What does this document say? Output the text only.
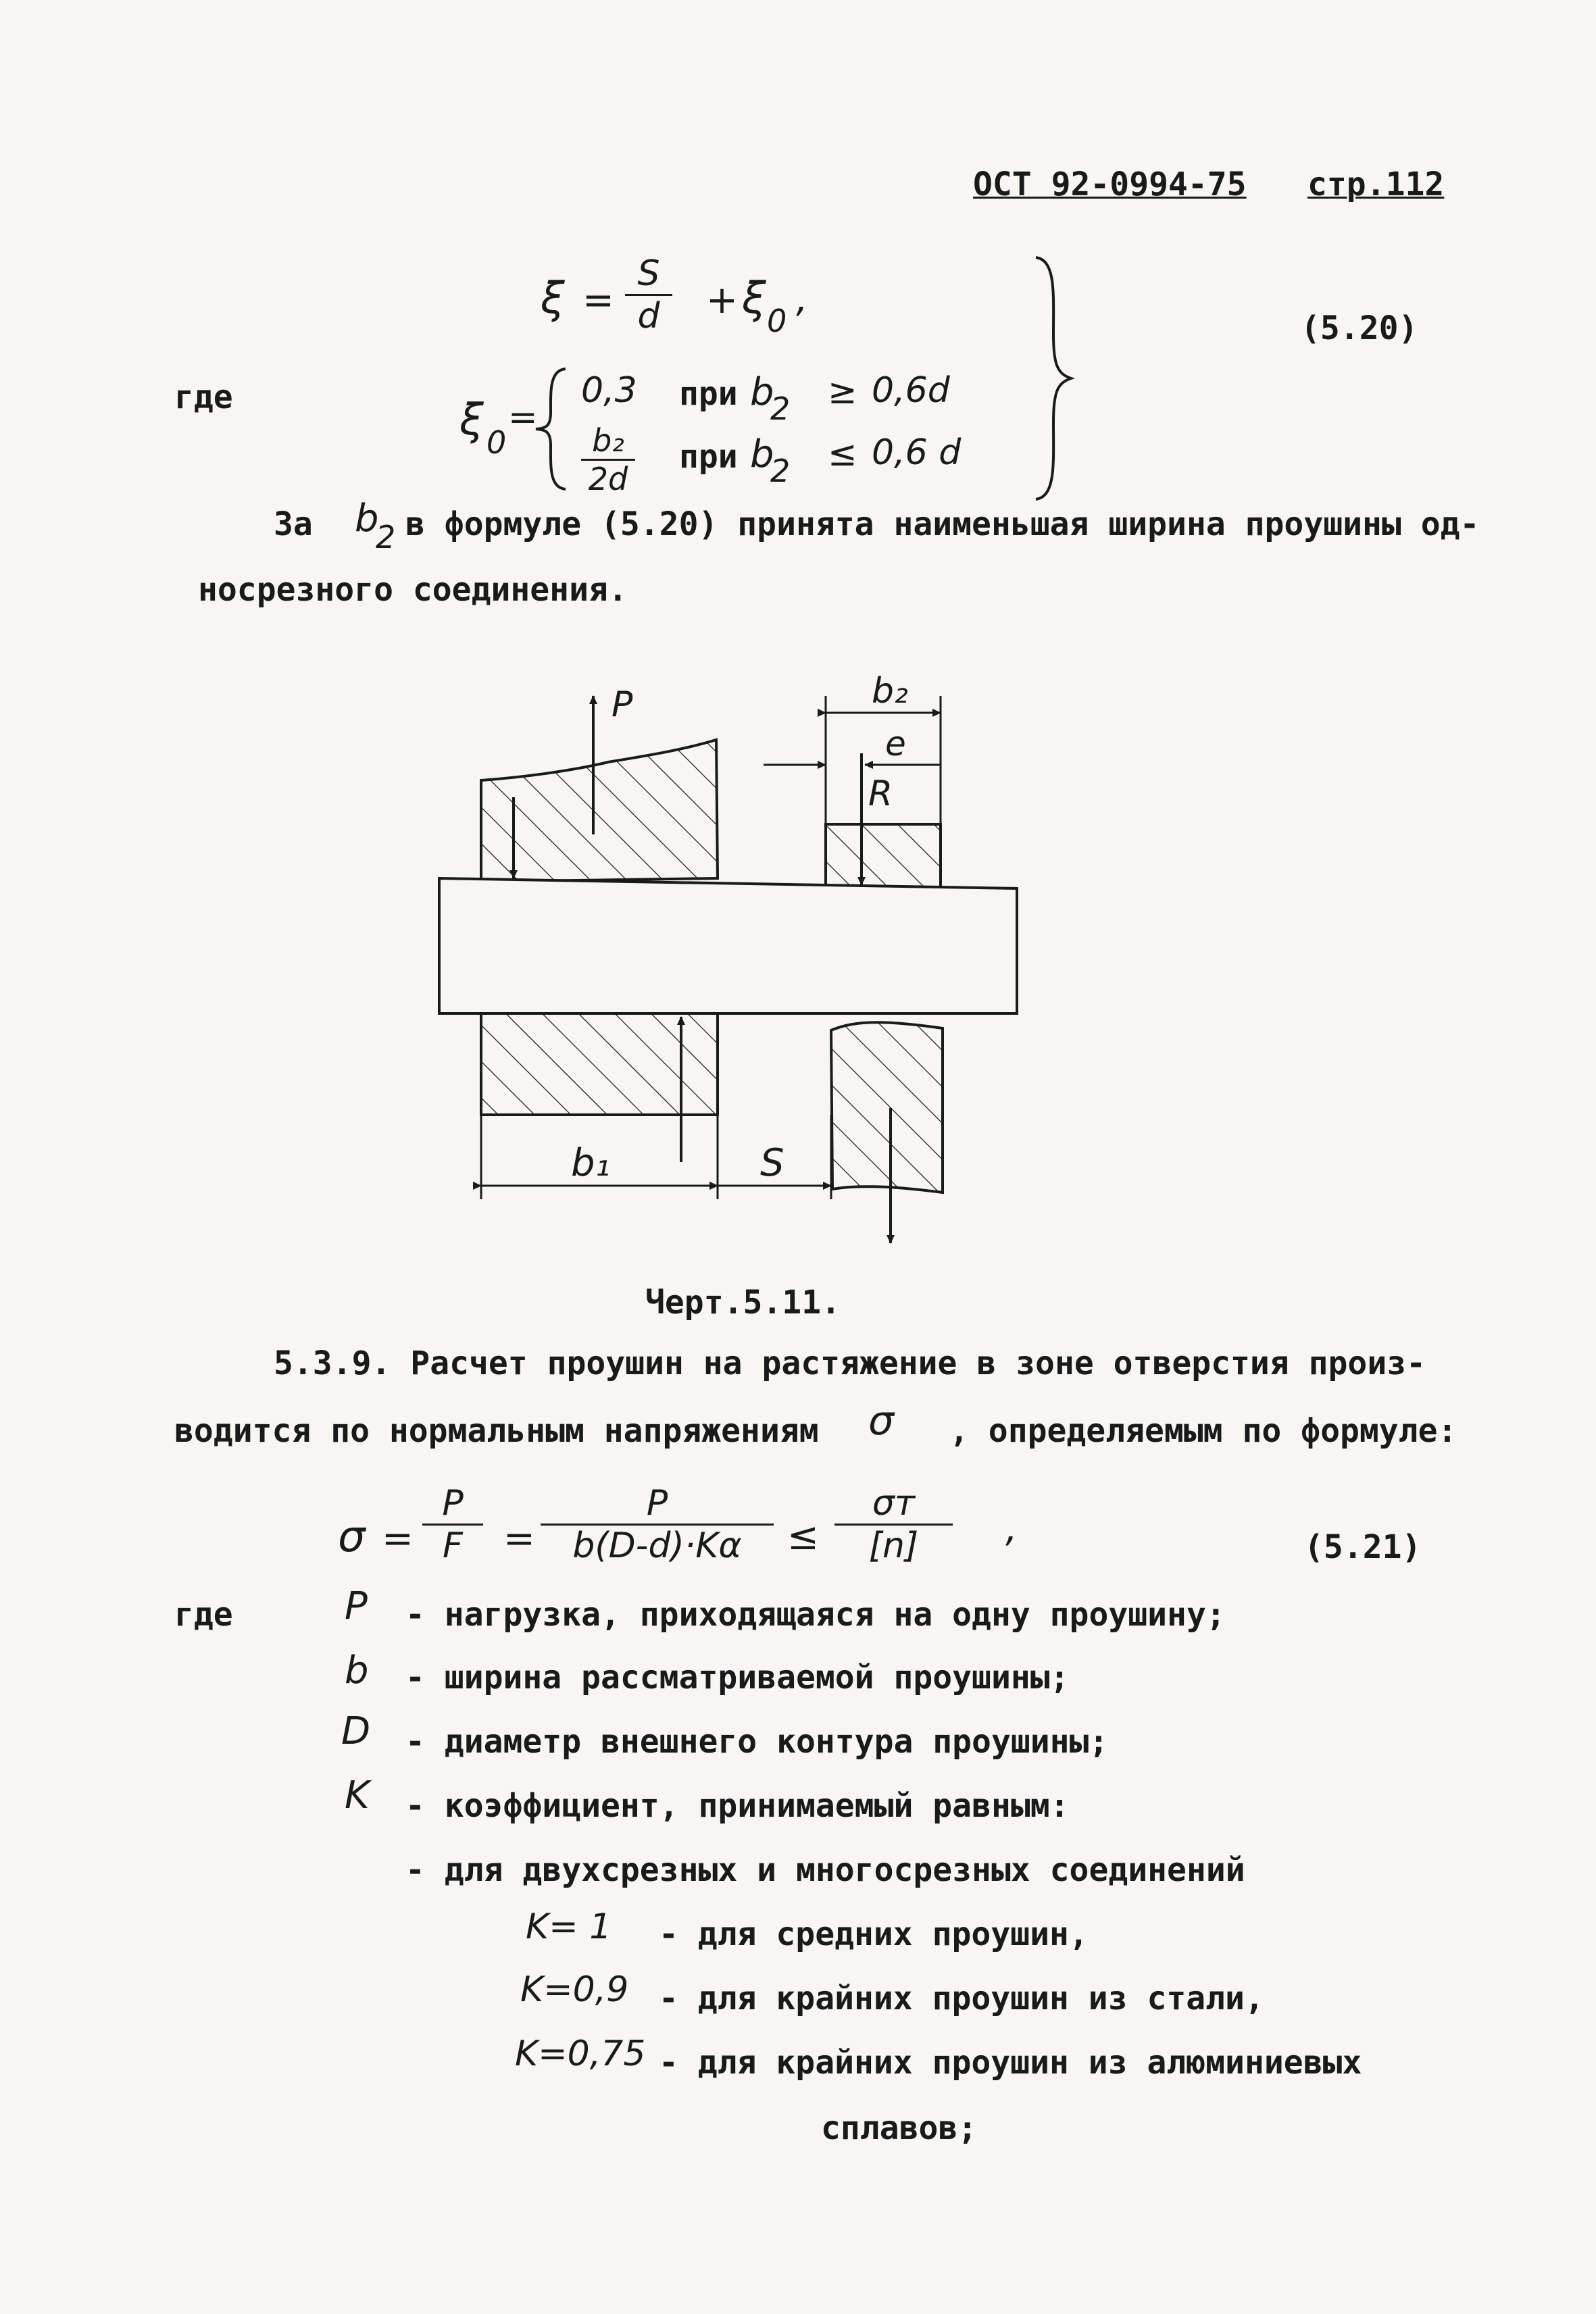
ОСТ 92-0994-75 стр.112
ξ =
S
d	+ ξ 0 ,
(5.20)
где	ξ 0
=
0,3 при b
2 ≥ 0,6d
b₂
2d
при b
2 ≤ 0,6 d
За b
2 в формуле (5.20) принята наименьшая ширина проушины од-
носрезного соединения.
P	b₂
e
R
b₁	S
Черт.5.11.
5.3.9. Расчет проушин на растяжение в зоне отверстия произ-
водится по нормальным напряжениям σ , определяемым по формуле:
σ =
P
F	=
P
b(D-d)·Kα	≤
σт
[n]	,	(5.21)
где	P - нагрузка, приходящаяся на одну проушину;
b - ширина рассматриваемой проушины;
D - диаметр внешнего контура проушины;
K - коэффициент, принимаемый равным:
- для двухсрезных и многосрезных соединений
K= 1 - для средних проушин,
K=0,9 - для крайних проушин из стали,
K=0,75 - для крайних проушин из алюминиевых
сплавов;
